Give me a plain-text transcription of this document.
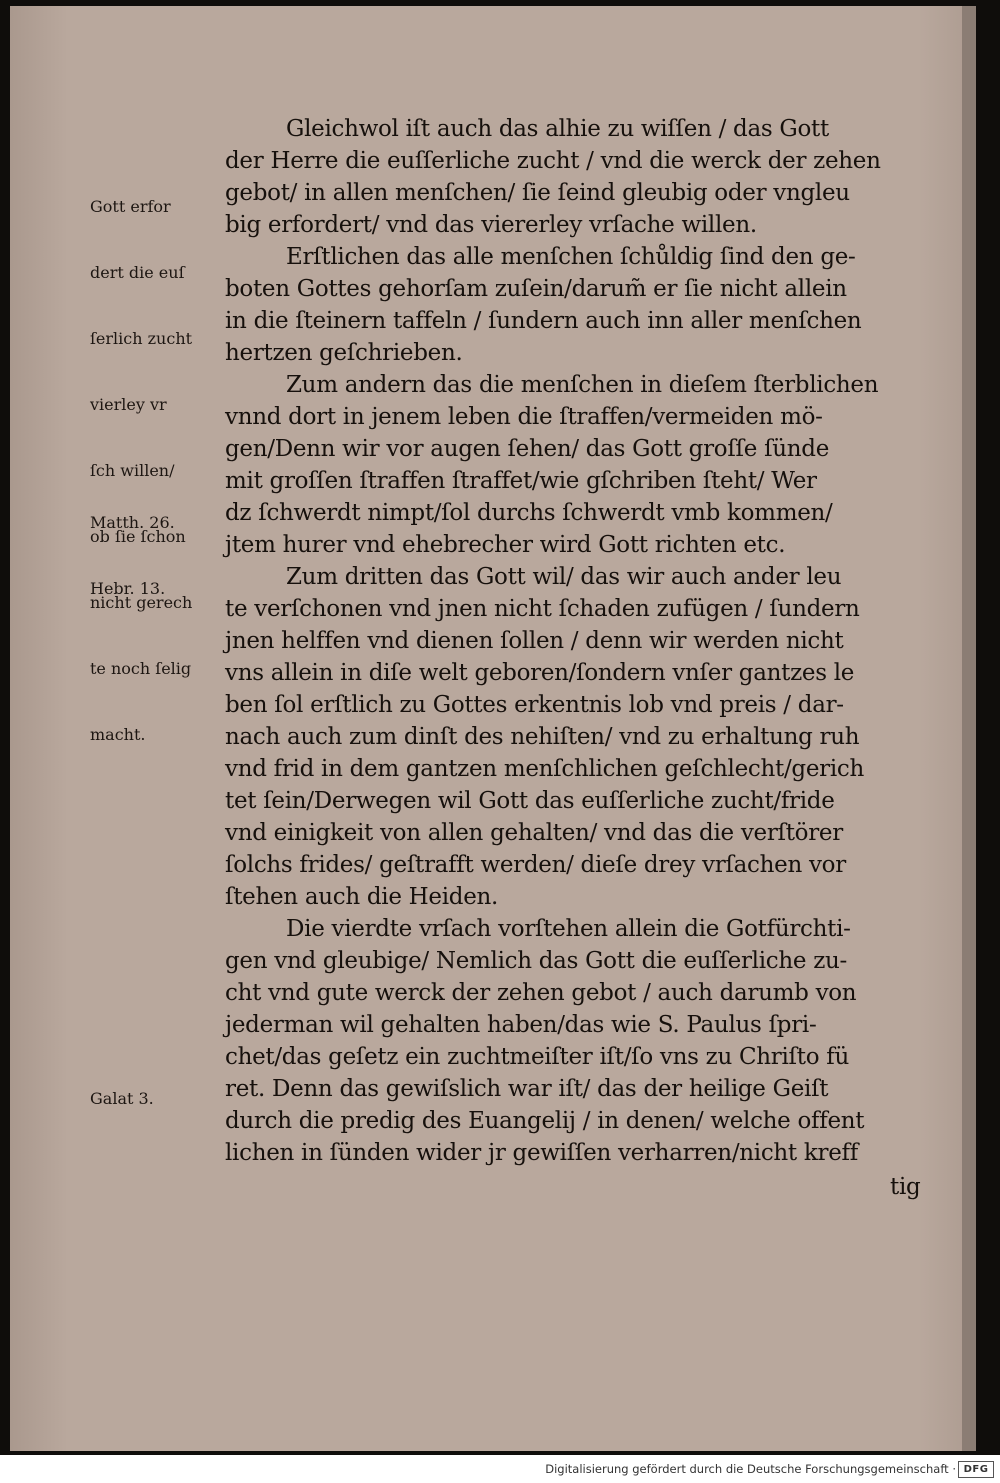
Gott erfor

dert die euſ

ſerlich zucht

vierley vr

ſch willen/

ob ſie ſchon

nicht gerech

te noch ſelig

macht.

Matth. 26.

Hebr. 13.

Galat 3.

Gleichwol iſt auch das alhie zu wiſſen / das Gott
der Herre die euſſerliche zucht / vnd die werck der zehen
gebot/ in allen menſchen/ ſie ſeind gleubig oder vngleu
big erfordert/ vnd das viererley vrſache willen.
Erſtlichen das alle menſchen ſchůldig ſind den ge-
boten Gottes gehorſam zuſein/darum̃ er ſie nicht allein
in die ſteinern taffeln / ſundern auch inn aller menſchen
hertzen geſchrieben.
Zum andern das die menſchen in dieſem ſterblichen
vnnd dort in jenem leben die ſtraffen/vermeiden mö-
gen/Denn wir vor augen ſehen/ das Gott groſſe ſünde
mit groſſen ſtraffen ſtraffet/wie gſchriben ſteht/ Wer
dz ſchwerdt nimpt/ſol durchs ſchwerdt vmb kommen/
jtem hurer vnd ehebrecher wird Gott richten etc.
Zum dritten das Gott wil/ das wir auch ander leu
te verſchonen vnd jnen nicht ſchaden zufügen / ſundern
jnen helffen vnd dienen ſollen / denn wir werden nicht
vns allein in diſe welt geboren/ſondern vnſer gantzes le
ben ſol erſtlich zu Gottes erkentnis lob vnd preis / dar-
nach auch zum dinſt des nehiſten/ vnd zu erhaltung ruh
vnd frid in dem gantzen menſchlichen geſchlecht/gerich
tet ſein/Derwegen wil Gott das euſſerliche zucht/fride
vnd einigkeit von allen gehalten/ vnd das die verſtörer
ſolchs frides/ geſtrafft werden/ dieſe drey vrſachen vor
ſtehen auch die Heiden.
Die vierdte vrſach vorſtehen allein die Gotfürchti-
gen vnd gleubige/ Nemlich das Gott die euſſerliche zu-
cht vnd gute werck der zehen gebot / auch darumb von
jederman wil gehalten haben/das wie S. Paulus ſpri-
chet/das geſetz ein zuchtmeiſter iſt/ſo vns zu Chriſto fü
ret. Denn das gewiſslich war iſt/ das der heilige Geiſt
durch die predig des Euangelij / in denen/ welche offent
lichen in ſünden wider jr gewiſſen verharren/nicht kreff
tig
Digitalisierung gefördert durch die Deutsche Forschungsgemeinschaft · DFG
